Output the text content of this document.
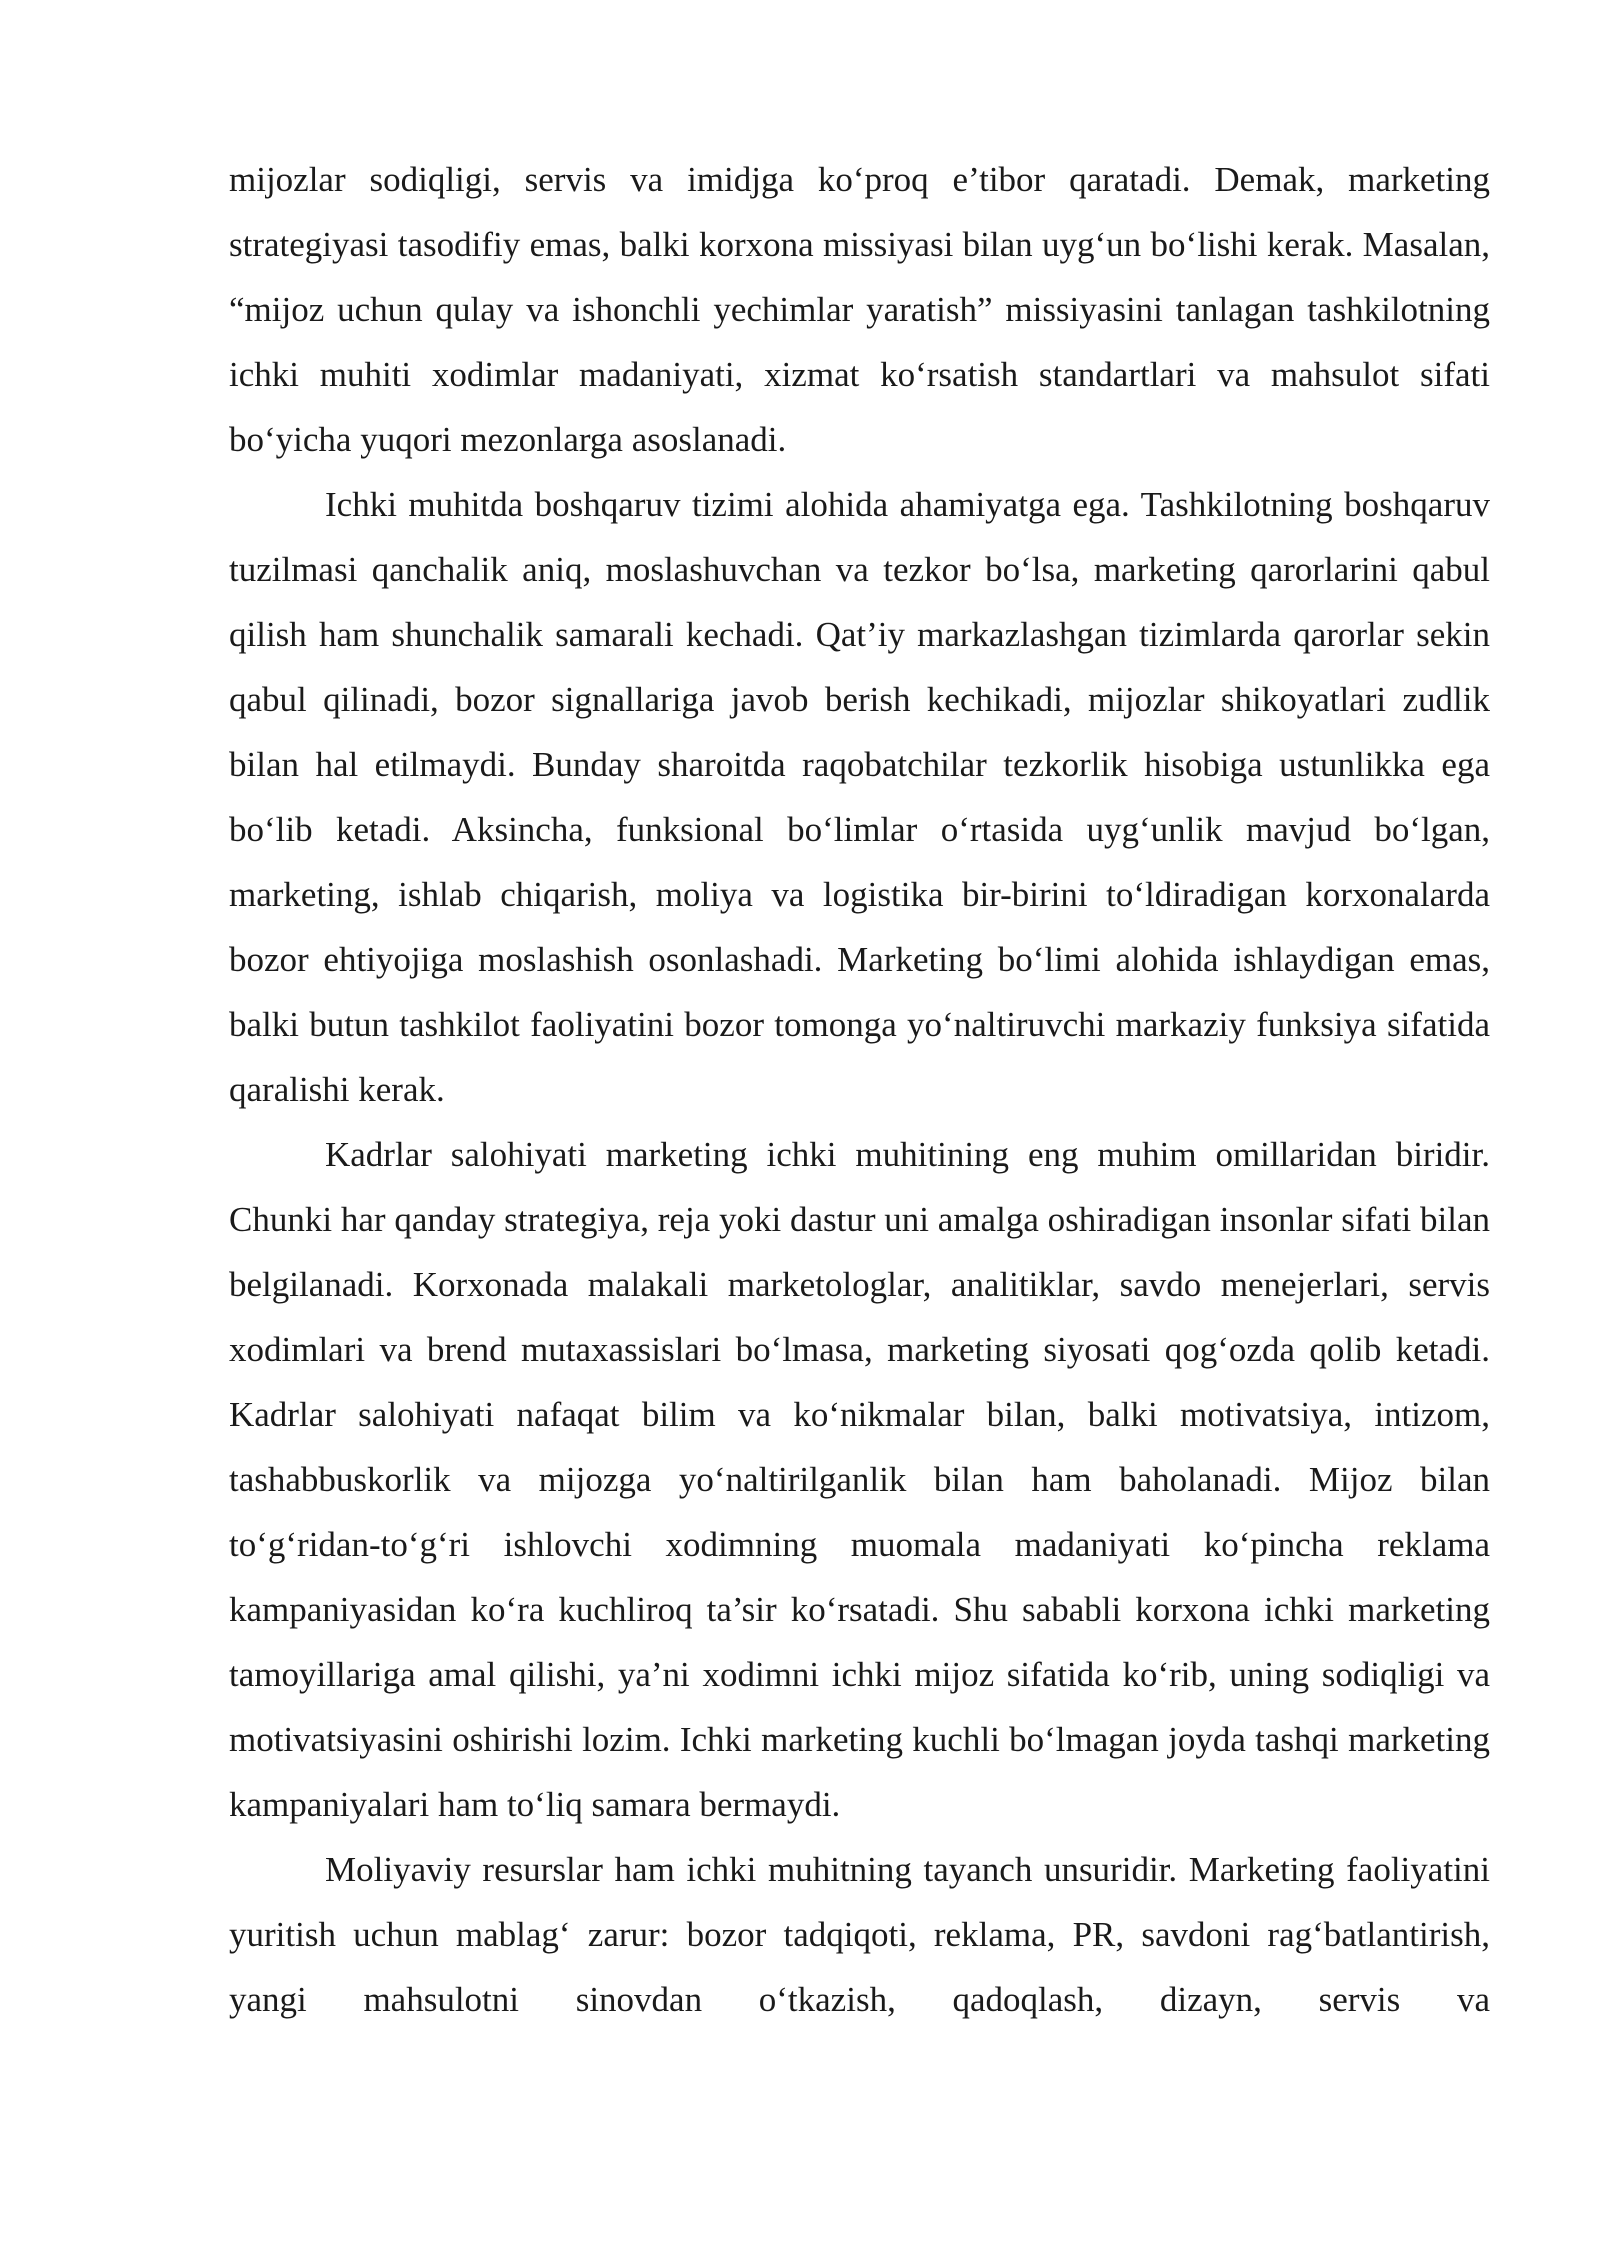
mijozlar sodiqligi, servis va imidjga ko‘proq e’tibor qaratadi. Demak, marketing strategiyasi tasodifiy emas, balki korxona missiyasi bilan uyg‘un bo‘lishi kerak. Masalan, “mijoz uchun qulay va ishonchli yechimlar yaratish” missiyasini tanlagan tashkilotning ichki muhiti xodimlar madaniyati, xizmat ko‘rsatish standartlari va mahsulot sifati bo‘yicha yuqori mezonlarga asoslanadi.

Ichki muhitda boshqaruv tizimi alohida ahamiyatga ega. Tashkilotning boshqaruv tuzilmasi qanchalik aniq, moslashuvchan va tezkor bo‘lsa, marketing qarorlarini qabul qilish ham shunchalik samarali kechadi. Qat’iy markazlashgan tizimlarda qarorlar sekin qabul qilinadi, bozor signallariga javob berish kechikadi, mijozlar shikoyatlari zudlik bilan hal etilmaydi. Bunday sharoitda raqobatchilar tezkorlik hisobiga ustunlikka ega bo‘lib ketadi. Aksincha, funksional bo‘limlar o‘rtasida uyg‘unlik mavjud bo‘lgan, marketing, ishlab chiqarish, moliya va logistika bir-birini to‘ldiradigan korxonalarda bozor ehtiyojiga moslashish osonlashadi. Marketing bo‘limi alohida ishlaydigan emas, balki butun tashkilot faoliyatini bozor tomonga yo‘naltiruvchi markaziy funksiya sifatida qaralishi kerak.

Kadrlar salohiyati marketing ichki muhitining eng muhim omillaridan biridir. Chunki har qanday strategiya, reja yoki dastur uni amalga oshiradigan insonlar sifati bilan belgilanadi. Korxonada malakali marketologlar, analitiklar, savdo menejerlari, servis xodimlari va brend mutaxassislari bo‘lmasa, marketing siyosati qog‘ozda qolib ketadi. Kadrlar salohiyati nafaqat bilim va ko‘nikmalar bilan, balki motivatsiya, intizom, tashabbuskorlik va mijozga yo‘naltirilganlik bilan ham baholanadi. Mijoz bilan to‘g‘ridan-to‘g‘ri ishlovchi xodimning muomala madaniyati ko‘pincha reklama kampaniyasidan ko‘ra kuchliroq ta’sir ko‘rsatadi. Shu sababli korxona ichki marketing tamoyillariga amal qilishi, ya’ni xodimni ichki mijoz sifatida ko‘rib, uning sodiqligi va motivatsiyasini oshirishi lozim. Ichki marketing kuchli bo‘lmagan joyda tashqi marketing kampaniyalari ham to‘liq samara bermaydi.

Moliyaviy resurslar ham ichki muhitning tayanch unsuridir. Marketing faoliyatini yuritish uchun mablag‘ zarur: bozor tadqiqoti, reklama, PR, savdoni rag‘batlantirish, yangi mahsulotni sinovdan o‘tkazish, qadoqlash, dizayn, servis va
